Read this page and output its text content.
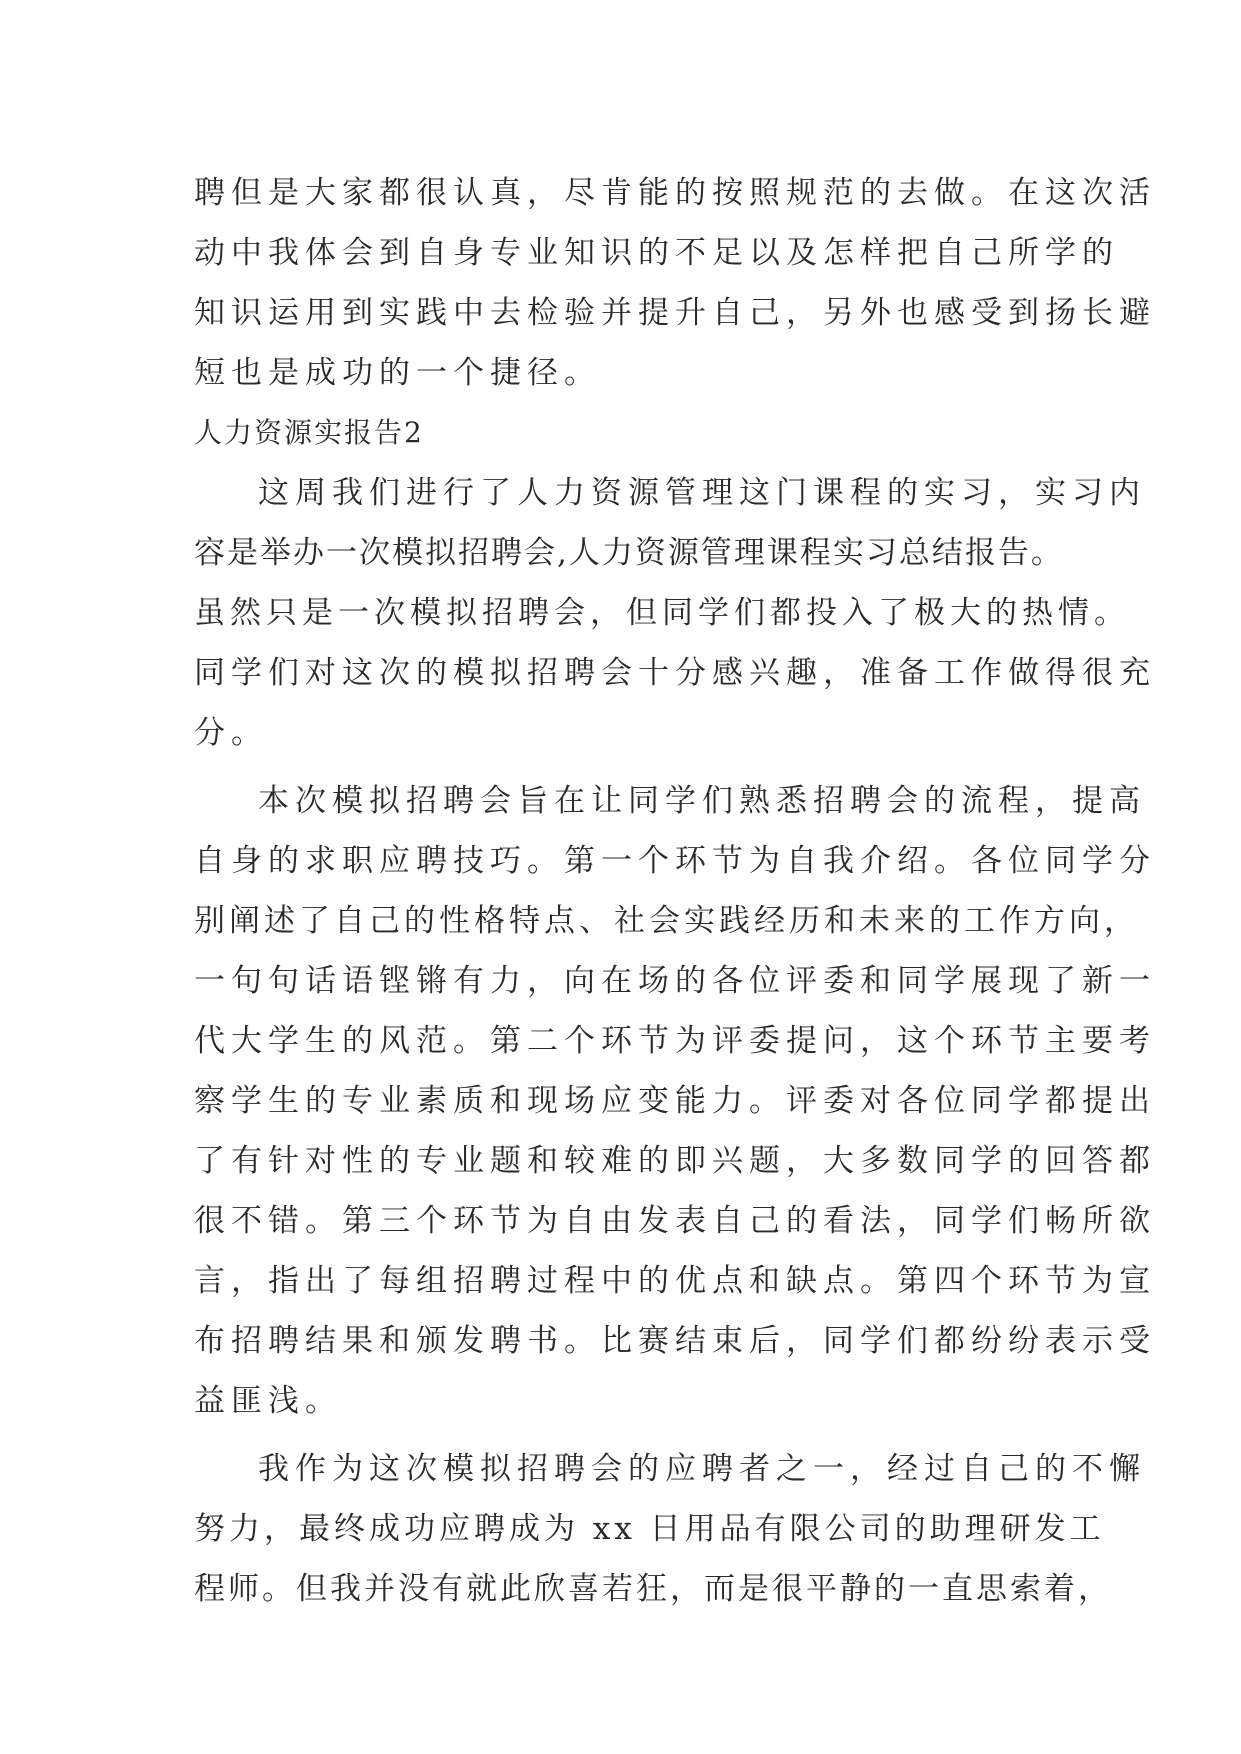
聘但是大家都很认真，尽肯能的按照规范的去做。在这次活
动中我体会到自身专业知识的不足以及怎样把自己所学的
知识运用到实践中去检验并提升自己，另外也感受到扬长避
短也是成功的一个捷径。
人力资源实报告2
这周我们进行了人力资源管理这门课程的实习，实习内
容是举办一次模拟招聘会,人力资源管理课程实习总结报告。
虽然只是一次模拟招聘会，但同学们都投入了极大的热情。
同学们对这次的模拟招聘会十分感兴趣，准备工作做得很充
分。
本次模拟招聘会旨在让同学们熟悉招聘会的流程，提高
自身的求职应聘技巧。第一个环节为自我介绍。各位同学分
别阐述了自己的性格特点、社会实践经历和未来的工作方向，
一句句话语铿锵有力，向在场的各位评委和同学展现了新一
代大学生的风范。第二个环节为评委提问，这个环节主要考
察学生的专业素质和现场应变能力。评委对各位同学都提出
了有针对性的专业题和较难的即兴题，大多数同学的回答都
很不错。第三个环节为自由发表自己的看法，同学们畅所欲
言，指出了每组招聘过程中的优点和缺点。第四个环节为宣
布招聘结果和颁发聘书。比赛结束后，同学们都纷纷表示受
益匪浅。
我作为这次模拟招聘会的应聘者之一，经过自己的不懈
努力，最终成功应聘成为 xx 日用品有限公司的助理研发工
程师。但我并没有就此欣喜若狂，而是很平静的一直思索着，
